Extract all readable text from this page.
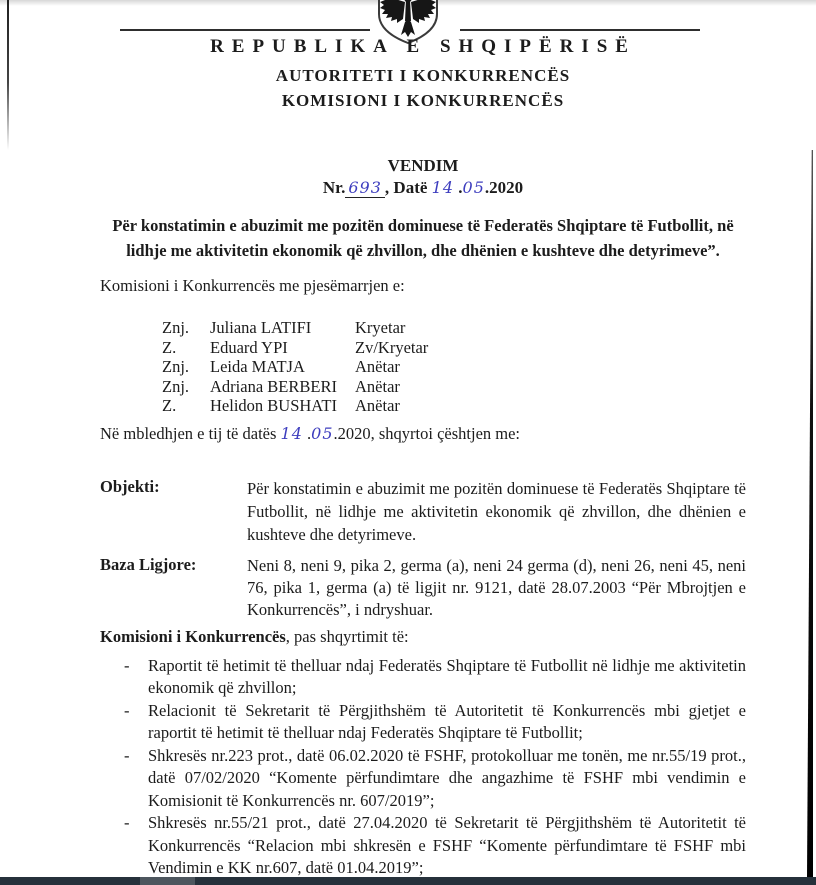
REPUBLIKA E SHQIPËRISË
AUTORITETI I KONKURRENCËS
KOMISIONI I KONKURRENCËS
VENDIM
Nr. 693 , Datë 14 .05.2020
Për konstatimin e abuzimit me pozitën dominuese të Federatës Shqiptare të Futbollit, në lidhje me aktivitetin ekonomik që zhvillon, dhe dhënien e kushteve dhe detyrimeve”.
Komisioni i Konkurrencës me pjesëmarrjen e:
Znj.	Juliana LATIFI	Kryetar
Z.	Eduard YPI	Zv/Kryetar
Znj.	Leida MATJA	Anëtar
Znj.	Adriana BERBERI	Anëtar
Z.	Helidon BUSHATI	Anëtar
Në mbledhjen e tij të datës 14 .05.2020, shqyrtoi çështjen me:
Objekti:	Për konstatimin e abuzimit me pozitën dominuese të Federatës Shqiptare të Futbollit, në lidhje me aktivitetin ekonomik që zhvillon, dhe dhënien e kushteve dhe detyrimeve.
Baza Ligjore:	Neni 8, neni 9, pika 2, germa (a), neni 24 germa (d), neni 26, neni 45, neni 76, pika 1, germa (a) të ligjit nr. 9121, datë 28.07.2003 “Për Mbrojtjen e Konkurrencës”, i ndryshuar.
Komisioni i Konkurrencës, pas shqyrtimit të:
-	Raportit të hetimit të thelluar ndaj Federatës Shqiptare të Futbollit në lidhje me aktivitetin ekonomik që zhvillon;
-	Relacionit të Sekretarit të Përgjithshëm të Autoritetit të Konkurrencës mbi gjetjet e raportit të hetimit të thelluar ndaj Federatës Shqiptare të Futbollit;
-	Shkresës nr.223 prot., datë 06.02.2020 të FSHF, protokolluar me tonën, me nr.55/19 prot., datë 07/02/2020 “Komente përfundimtare dhe angazhime të FSHF mbi vendimin e Komisionit të Konkurrencës nr. 607/2019”;
-	Shkresës nr.55/21 prot., datë 27.04.2020 të Sekretarit të Përgjithshëm të Autoritetit të Konkurrencës “Relacion mbi shkresën e FSHF “Komente përfundimtare të FSHF mbi Vendimin e KK nr.607, datë 01.04.2019”;
